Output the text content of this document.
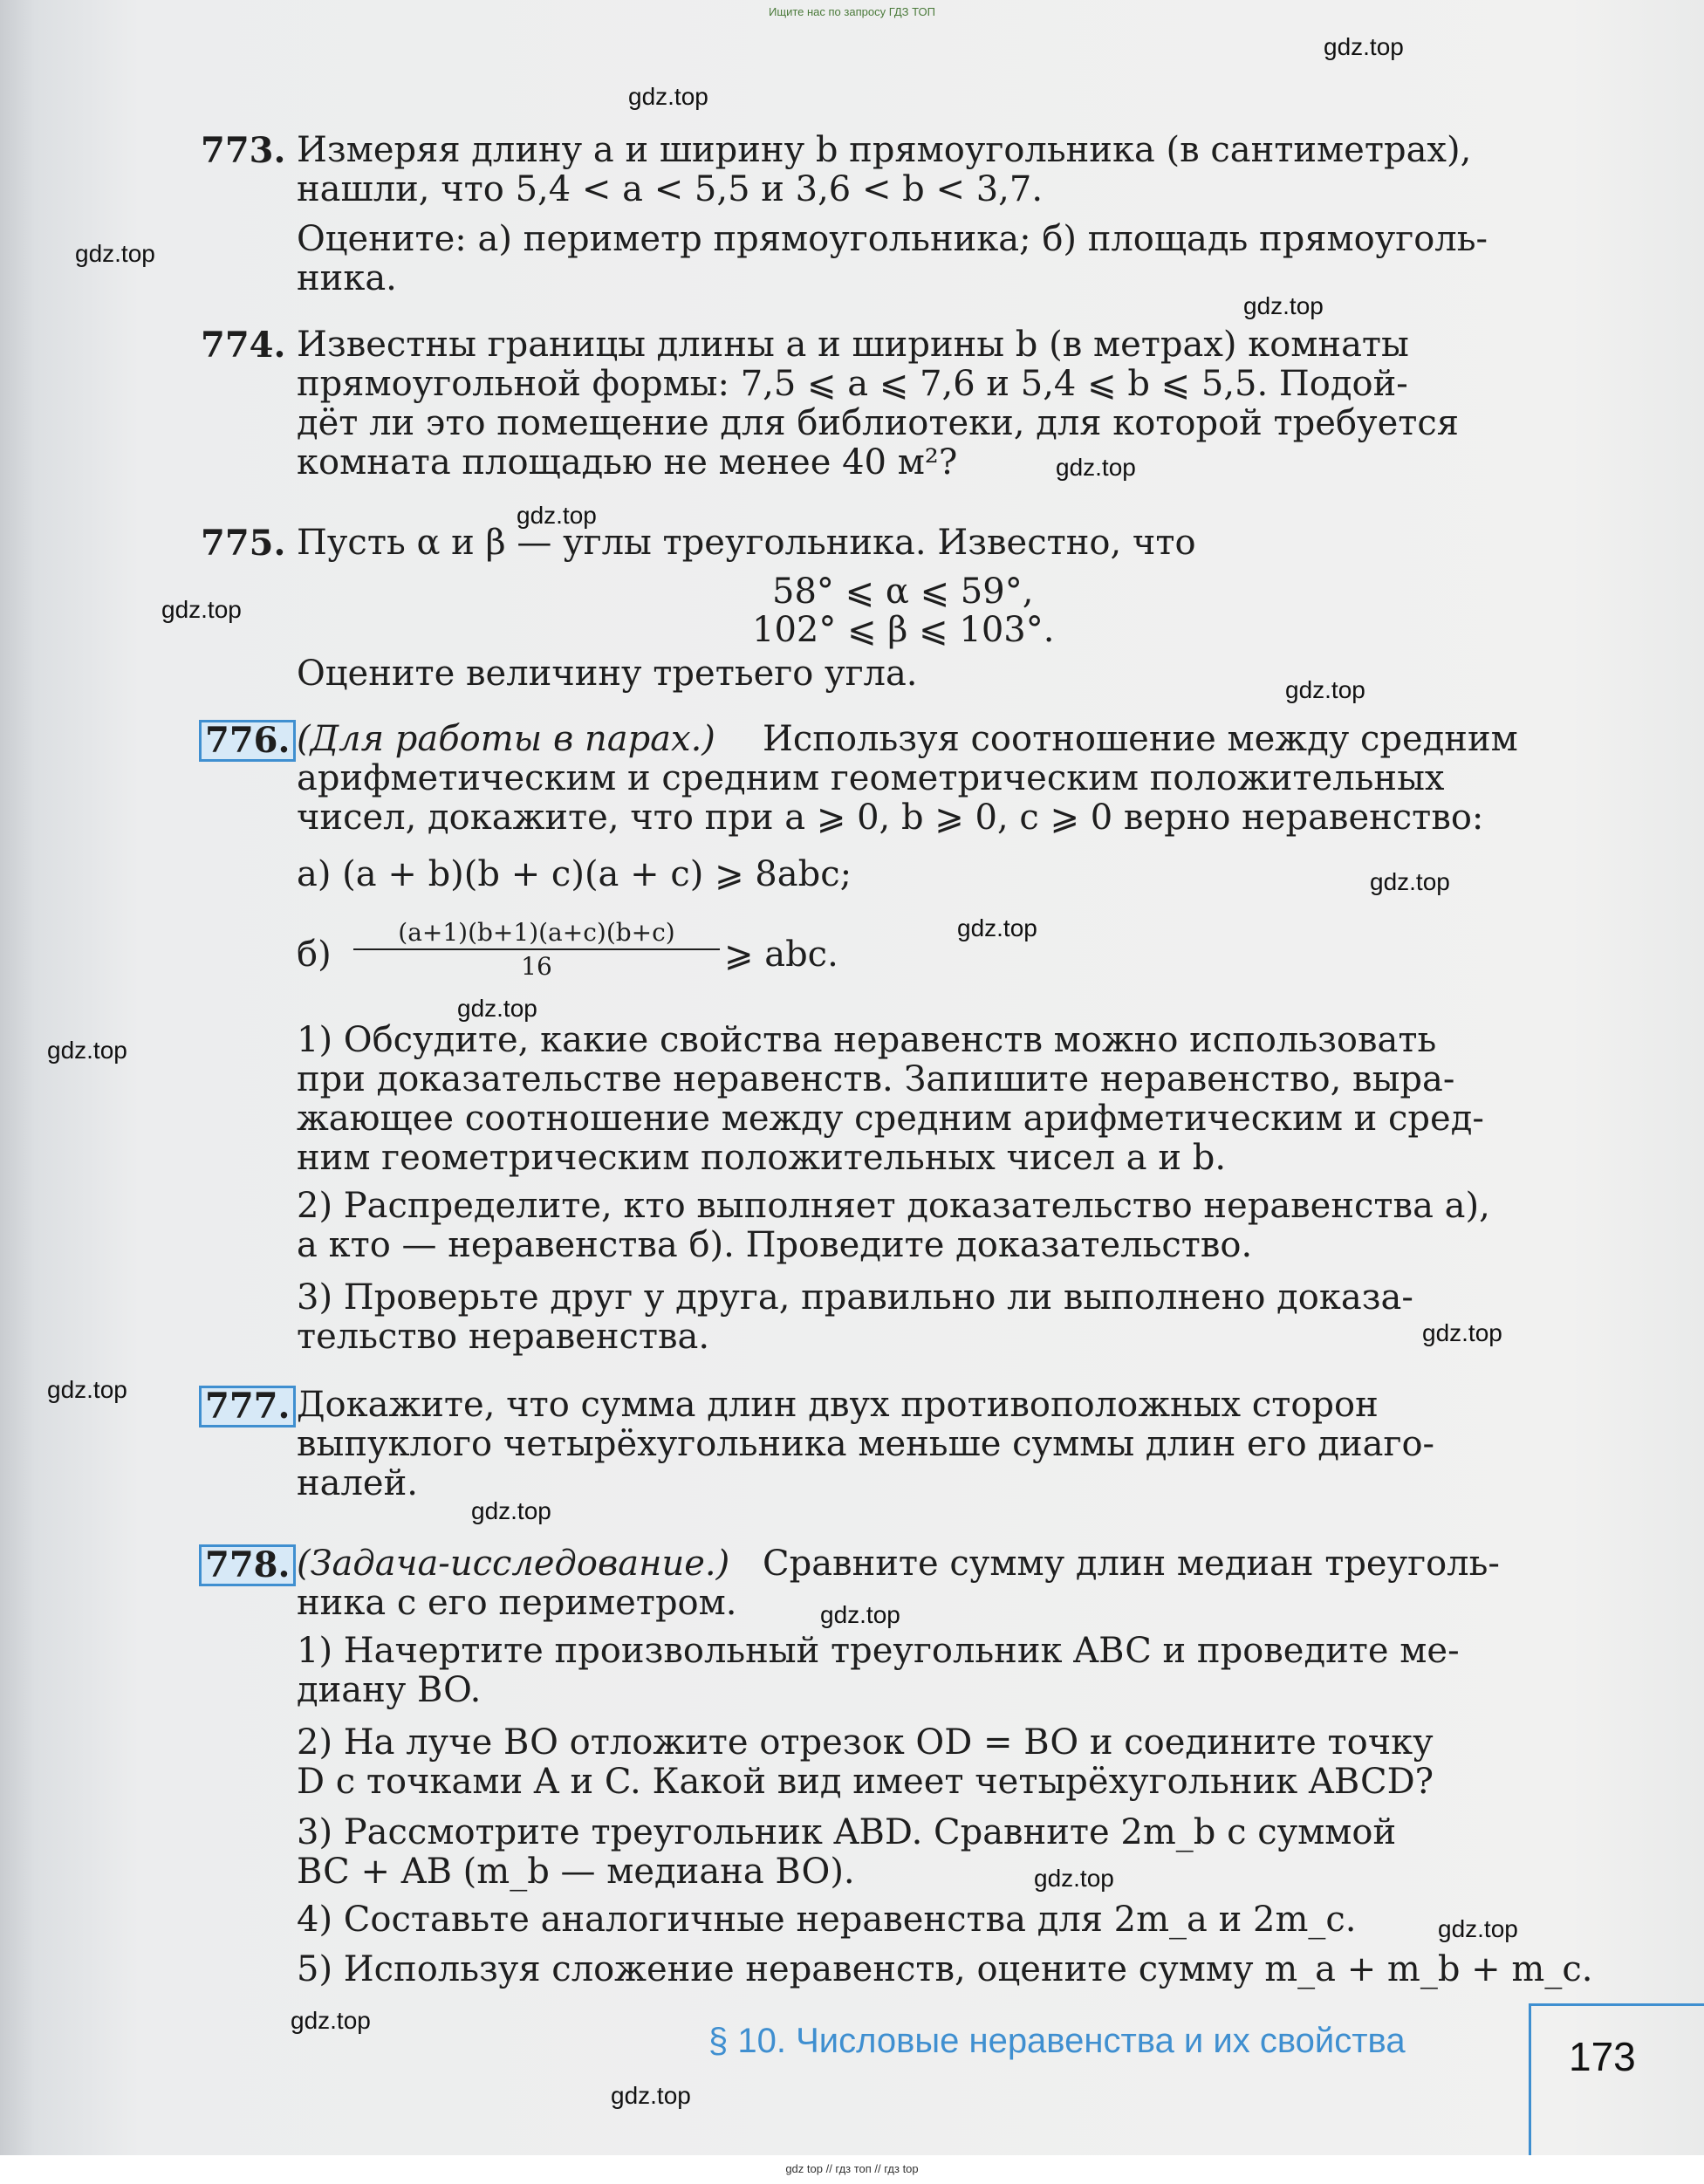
Ищите нас по запросу ГДЗ ТОП
gdz.top
gdz.top
gdz.top
gdz.top
gdz.top
gdz.top
gdz.top
gdz.top
gdz.top
gdz.top
gdz.top
gdz.top
gdz.top
gdz.top
gdz.top
gdz.top
gdz.top
gdz.top
gdz.top
gdz.top
773. Измеряя длину a и ширину b прямоугольника (в сантиметрах),
нашли, что 5,4 < a < 5,5 и 3,6 < b < 3,7.
Оцените: а) периметр прямоугольника; б) площадь прямоуголь-
ника.
774. Известны границы длины a и ширины b (в метрах) комнаты
прямоугольной формы: 7,5 ⩽ a ⩽ 7,6 и 5,4 ⩽ b ⩽ 5,5. Подой-
дёт ли это помещение для библиотеки, для которой требуется
комната площадью не менее 40 м²?
775. Пусть α и β — углы треугольника. Известно, что
58° ⩽ α ⩽ 59°,
102° ⩽ β ⩽ 103°.
Оцените величину третьего угла.
776. (Для работы в парах.) Используя соотношение между средним
арифметическим и средним геометрическим положительных
чисел, докажите, что при a ⩾ 0, b ⩾ 0, c ⩾ 0 верно неравенство:
а) (a + b)(b + c)(a + c) ⩾ 8abc;
б)
(a+1)(b+1)(a+c)(b+c)
16	⩾ abc.
1) Обсудите, какие свойства неравенств можно использовать
при доказательстве неравенств. Запишите неравенство, выра-
жающее соотношение между средним арифметическим и сред-
ним геометрическим положительных чисел a и b.
2) Распределите, кто выполняет доказательство неравенства а),
а кто — неравенства б). Проведите доказательство.
3) Проверьте друг у друга, правильно ли выполнено доказа-
тельство неравенства.
777. Докажите, что сумма длин двух противоположных сторон
выпуклого четырёхугольника меньше суммы длин его диаго-
налей.
778. (Задача-исследование.) Сравните сумму длин медиан треуголь-
ника с его периметром.
1) Начертите произвольный треугольник ABC и проведите ме-
диану BO.
2) На луче BO отложите отрезок OD = BO и соедините точку
D с точками A и C. Какой вид имеет четырёхугольник ABCD?
3) Рассмотрите треугольник ABD. Сравните 2m_b с суммой
BC + AB (m_b — медиана BO).
4) Составьте аналогичные неравенства для 2m_a и 2m_c.
5) Используя сложение неравенств, оцените сумму m_a + m_b + m_c.
§ 10. Числовые неравенства и их свойства	173
gdz top // гдз топ // гдз top
